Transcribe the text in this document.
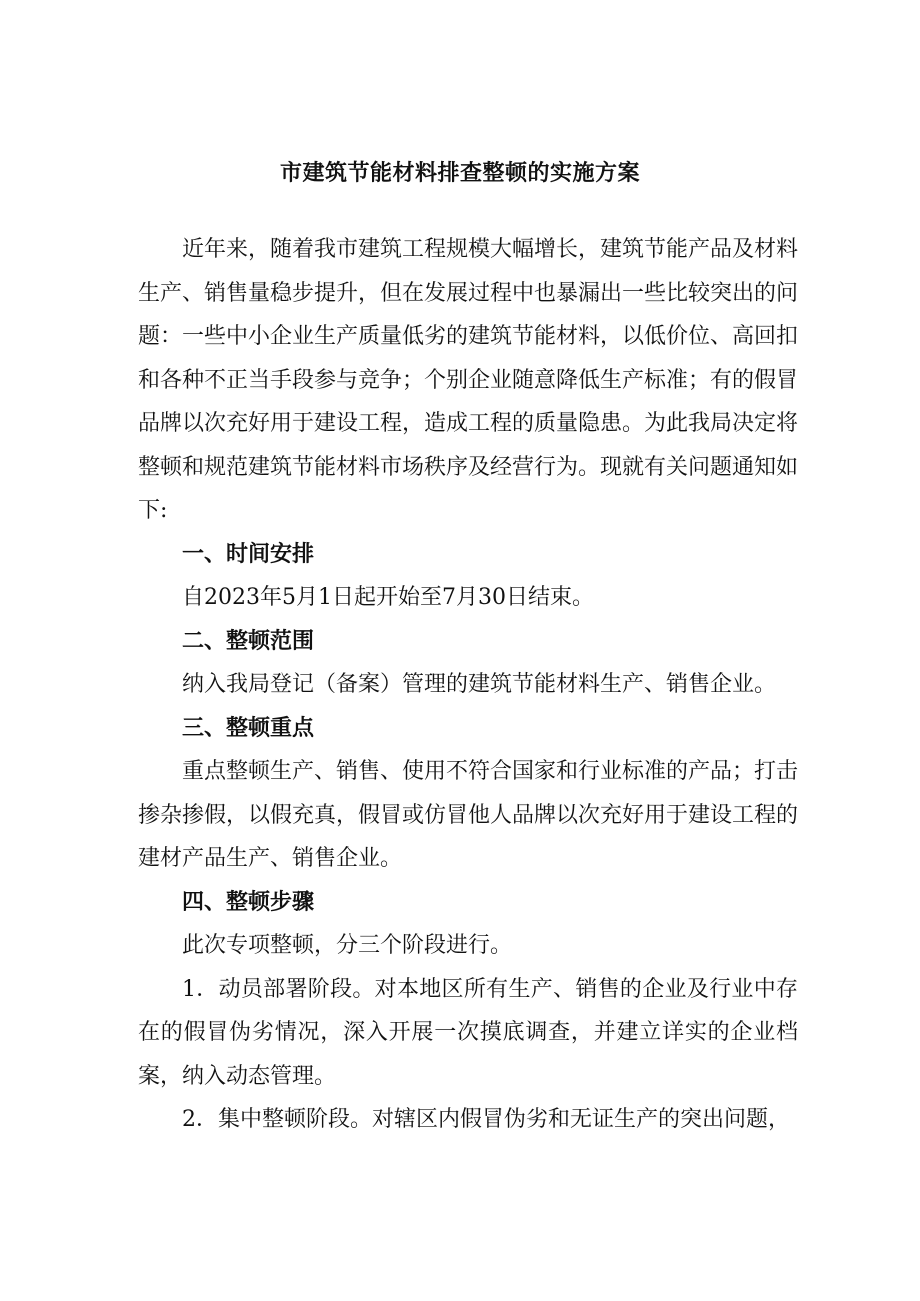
市建筑节能材料排查整顿的实施方案

近年来，随着我市建筑工程规模大幅增长，建筑节能产品及材料生产、销售量稳步提升，但在发展过程中也暴漏出一些比较突出的问题：一些中小企业生产质量低劣的建筑节能材料，以低价位、高回扣和各种不正当手段参与竞争；个别企业随意降低生产标准；有的假冒品牌以次充好用于建设工程，造成工程的质量隐患。为此我局决定将整顿和规范建筑节能材料市场秩序及经营行为。现就有关问题通知如下:

一、时间安排

自2023年5月1日起开始至7月30日结束。

二、整顿范围

纳入我局登记（备案）管理的建筑节能材料生产、销售企业。

三、整顿重点

重点整顿生产、销售、使用不符合国家和行业标准的产品；打击掺杂掺假，以假充真，假冒或仿冒他人品牌以次充好用于建设工程的建材产品生产、销售企业。

四、整顿步骤

此次专项整顿，分三个阶段进行。

1．动员部署阶段。对本地区所有生产、销售的企业及行业中存在的假冒伪劣情况，深入开展一次摸底调查，并建立详实的企业档案，纳入动态管理。

2．集中整顿阶段。对辖区内假冒伪劣和无证生产的突出问题，
